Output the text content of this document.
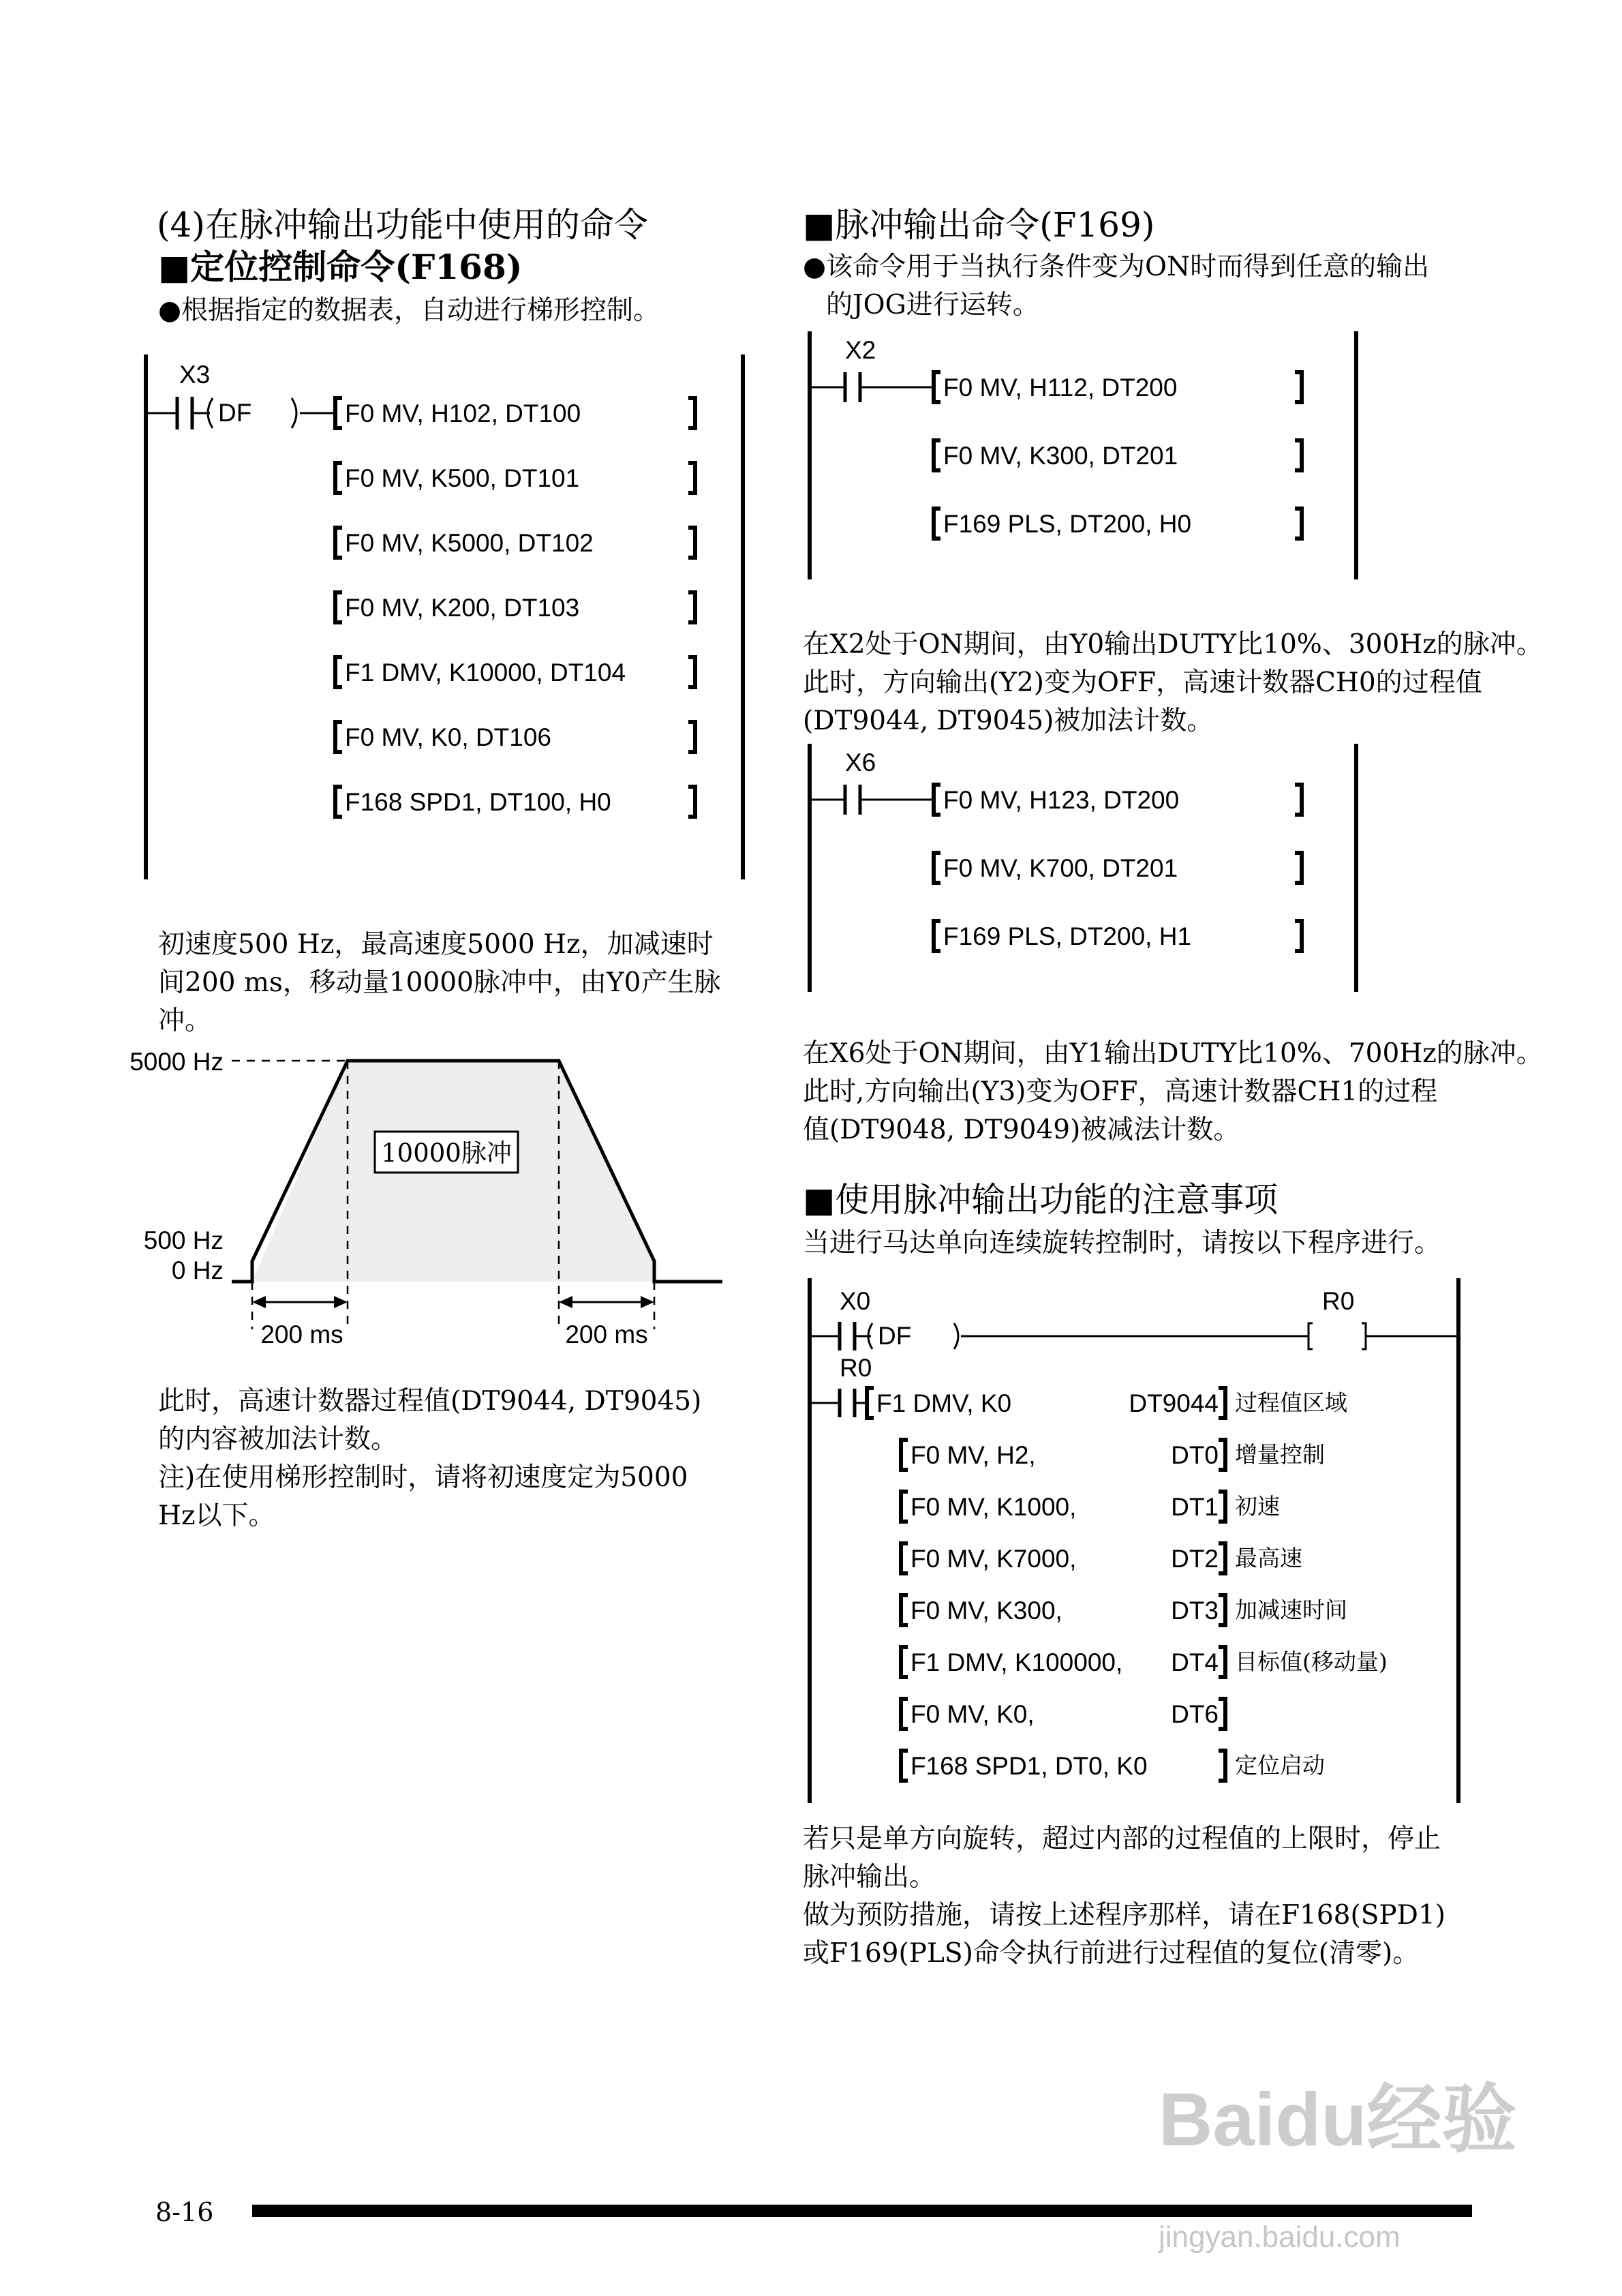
(4)在脉冲输出功能中使用的命令
■定位控制命令(F168)
●根据指定的数据表，自动进行梯形控制。
X3
DF	F0 MV, H102, DT100
F0 MV, K500, DT101
F0 MV, K5000, DT102
F0 MV, K200, DT103
F1 DMV, K10000, DT104
F0 MV, K0, DT106
F168 SPD1, DT100, H0
初速度500 Hz，最高速度5000 Hz，加减速时
间200 ms，移动量10000脉冲中，由Y0产生脉
冲。
5000 Hz
500 Hz
0 Hz
10000脉冲
200 ms	200 ms
此时，高速计数器过程值(DT9044, DT9045)
的内容被加法计数。
注)在使用梯形控制时，请将初速度定为5000
Hz以下。
■脉冲输出命令(F169)
●该命令用于当执行条件变为ON时而得到任意的输出
的JOG进行运转。
X2
F0 MV, H112, DT200
F0 MV, K300, DT201
F169 PLS, DT200, H0
在X2处于ON期间，由Y0输出DUTY比10%、300Hz的脉冲。
此时，方向输出(Y2)变为OFF，高速计数器CH0的过程值
(DT9044, DT9045)被加法计数。
X6
F0 MV, H123, DT200
F0 MV, K700, DT201
F169 PLS, DT200, H1
在X6处于ON期间，由Y1输出DUTY比10%、700Hz的脉冲。
此时,方向输出(Y3)变为OFF，高速计数器CH1的过程
值(DT9048, DT9049)被减法计数。
■使用脉冲输出功能的注意事项
当进行马达单向连续旋转控制时，请按以下程序进行。
X0
DF
R0
R0
F1 DMV, K0	DT9044 过程值区域
F0 MV, H2,	DT0 增量控制
F0 MV, K1000,	DT1 初速
F0 MV, K7000,	DT2 最高速
F0 MV, K300,	DT3 加减速时间
F1 DMV, K100000, DT4 目标值(移动量)
F0 MV, K0,	DT6
F168 SPD1, DT0, K0	定位启动
若只是单方向旋转，超过内部的过程值的上限时，停止
脉冲输出。
做为预防措施，请按上述程序那样，请在F168(SPD1)
或F169(PLS)命令执行前进行过程值的复位(清零)。
8-16
Baidu经验
jingyan.baidu.com
